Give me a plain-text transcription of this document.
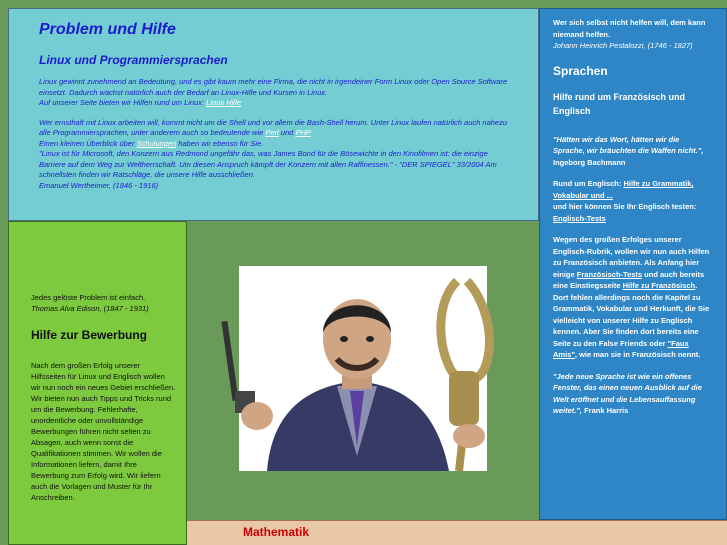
Problem und Hilfe
Linux und Programmiersprachen

Linux gewinnt zunehmend an Bedeutung, und es gibt kaum mehr eine Firma, die nicht in irgendeiner Form Linux oder Open Source Software einsetzt. Dadurch wächst natürlich auch der Bedarf an Linux-Hilfe und Kursen in Linux.
Auf unserer Seite bieten wir Hilfen rund um Linux: Linux Hilfe

Wer ernsthaft mit Linux arbeiten will, kommt nicht um die Shell und vor allem die Bash-Shell herum. Unter Linux laufen natürlich auch nahezu alle Programmiersprachen, unter anderem auch so bedeutende wie Perl und PHP
Einen kleinen Überblick über Schulungen haben wir ebenso für Sie.
"Linux ist für Microsoft, den Konzern aus Redmond ungefähr das, was James Bond für die Bösewichte in den Kinofilmen ist: die einzige Barriere auf dem Weg zur Weltherrschaft. Um diesen Anspruch kämpft der Konzern mit allen Raffinessen." - "DER SPIEGEL" 33/2004 Am schnellsten finden wir Ratschläge, die unsere Hilfe ausschließen.
Emanuel Wertheimer, (1846 - 1916)

Wer sich selbst nicht helfen will, dem kann niemand helfen.
Johann Heinrich Pestalozzi, (1746 - 1827)

Sprachen
Hilfe rund um Französisch und Englisch

"Hätten wir das Wort, hätten wir die Sprache, wir bräuchten die Waffen nicht.", Ingeborg Bachmann

Rund um Englisch: Hilfe zu Grammatik, Vokabular und ...
und hier können Sie Ihr Englisch testen: Englisch-Tests

Wegen des großen Erfolges unserer Englisch-Rubrik, wollen wir nun auch Hilfen zu Französisch anbieten. Als Anfang hier einige Französisch-Tests und auch bereits eine Einstiegsseite Hilfe zu Französisch. Dort fehlen allerdings noch die Kapitel zu Grammatik, Vokabular und Herkunft, die Sie vielleicht von unserer Hilfe zu Englisch kennen. Aber Sie finden dort bereits eine Seite zu den False Friends oder "Faux Amis", wie man sie in Französisch nennt.

"Jede neue Sprache ist wie ein offenes Fenster, das einen neuen Ausblick auf die Welt eröffnet und die Lebensauffassung weitet.", Frank Harris

Jedes gelöste Problem ist einfach.
Thomas Alva Edison, (1847 - 1931)

Hilfe zur Bewerbung

Nach dem großen Erfolg unserer Hilfsseiten für Linux und Englisch wollen wir nun noch ein neues Gebiet erschließen. Wir bieten nun auch Tipps und Tricks rund um die Bewerbung. Fehlerhafte, unordentliche oder unvollständige Bewerbungen führen nicht selten zu Absagen, auch wenn sonst die Qualifikationen stimmen. Wir wollen die Informationen liefern, damit Ihre Bewerbung zum Erfolg wird. Wir liefern auch die Vorlagen und Muster für Ihr Anschreiben.

Mathematik
